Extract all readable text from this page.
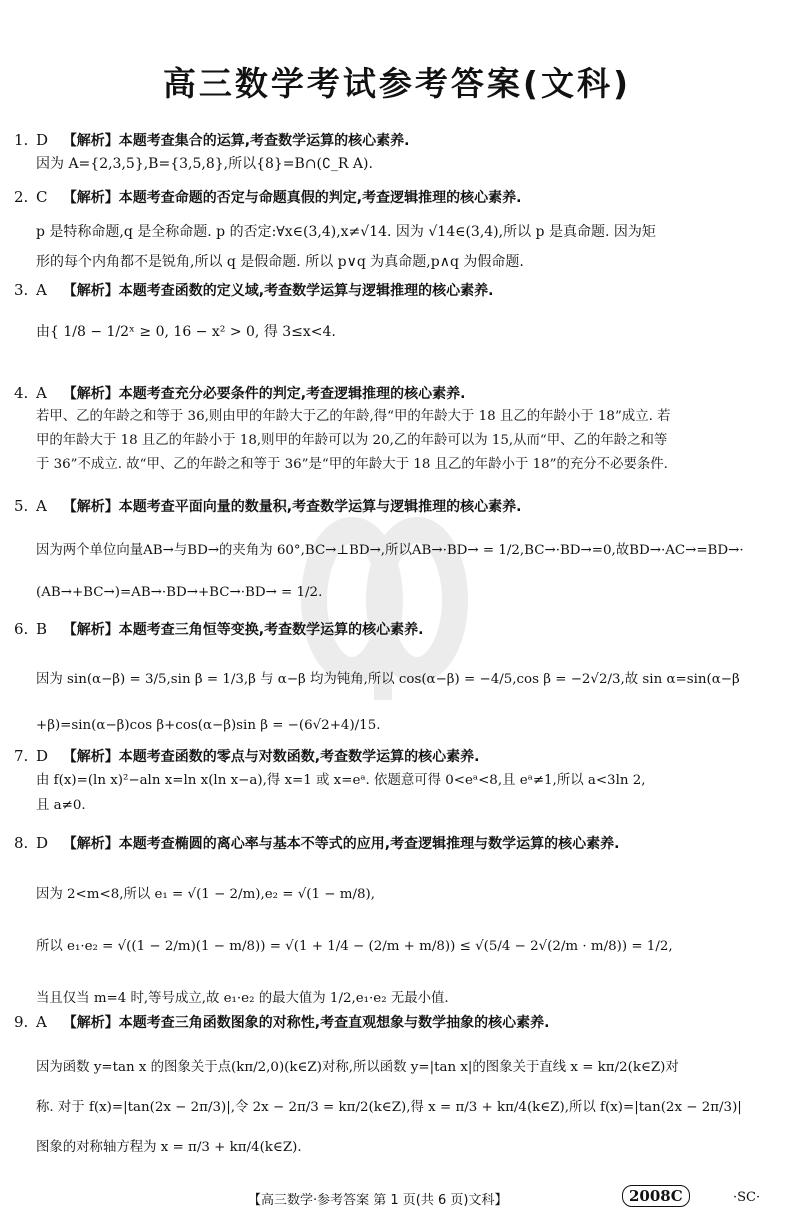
高三数学考试参考答案(文科)
1. D 【解析】本题考查集合的运算,考查数学运算的核心素养.

因为 A={2,3,5},B={3,5,8},所以{8}=B∩(∁_R A).

2. C 【解析】本题考查命题的否定与命题真假的判定,考查逻辑推理的核心素养.

p 是特称命题,q 是全称命题. p 的否定:∀x∈(3,4),x≠√14. 因为 √14∈(3,4),所以 p 是真命题. 因为矩

形的每个内角都不是锐角,所以 q 是假命题. 所以 p∨q 为真命题,p∧q 为假命题.

3. A 【解析】本题考查函数的定义域,考查数学运算与逻辑推理的核心素养.

由{ 1/8 − 1/2ˣ ≥ 0, 16 − x² > 0, 得 3≤x<4.

4. A 【解析】本题考查充分必要条件的判定,考查逻辑推理的核心素养.

若甲、乙的年龄之和等于 36,则由甲的年龄大于乙的年龄,得“甲的年龄大于 18 且乙的年龄小于 18”成立. 若

甲的年龄大于 18 且乙的年龄小于 18,则甲的年龄可以为 20,乙的年龄可以为 15,从而“甲、乙的年龄之和等

于 36”不成立. 故“甲、乙的年龄之和等于 36”是“甲的年龄大于 18 且乙的年龄小于 18”的充分不必要条件.

5. A 【解析】本题考查平面向量的数量积,考查数学运算与逻辑推理的核心素养.

因为两个单位向量AB→与BD→的夹角为 60°,BC→⊥BD→,所以AB→·BD→ = 1/2,BC→·BD→=0,故BD→·AC→=BD→·

(AB→+BC→)=AB→·BD→+BC→·BD→ = 1/2.

6. B 【解析】本题考查三角恒等变换,考查数学运算的核心素养.

因为 sin(α−β) = 3/5,sin β = 1/3,β 与 α−β 均为钝角,所以 cos(α−β) = −4/5,cos β = −2√2/3,故 sin α=sin(α−β

+β)=sin(α−β)cos β+cos(α−β)sin β = −(6√2+4)/15.

7. D 【解析】本题考查函数的零点与对数函数,考查数学运算的核心素养.

由 f(x)=(ln x)²−aln x=ln x(ln x−a),得 x=1 或 x=eᵃ. 依题意可得 0<eᵃ<8,且 eᵃ≠1,所以 a<3ln 2,

且 a≠0.

8. D 【解析】本题考查椭圆的离心率与基本不等式的应用,考查逻辑推理与数学运算的核心素养.

因为 2<m<8,所以 e₁ = √(1 − 2/m),e₂ = √(1 − m/8),

所以 e₁·e₂ = √((1 − 2/m)(1 − m/8)) = √(1 + 1/4 − (2/m + m/8)) ≤ √(5/4 − 2√(2/m · m/8)) = 1/2,

当且仅当 m=4 时,等号成立,故 e₁·e₂ 的最大值为 1/2,e₁·e₂ 无最小值.

9. A 【解析】本题考查三角函数图象的对称性,考查直观想象与数学抽象的核心素养.

因为函数 y=tan x 的图象关于点(kπ/2,0)(k∈Z)对称,所以函数 y=|tan x|的图象关于直线 x = kπ/2(k∈Z)对

称. 对于 f(x)=|tan(2x − 2π/3)|,令 2x − 2π/3 = kπ/2(k∈Z),得 x = π/3 + kπ/4(k∈Z),所以 f(x)=|tan(2x − 2π/3)|

图象的对称轴方程为 x = π/3 + kπ/4(k∈Z).

【高三数学·参考答案 第 1 页(共 6 页)文科】	2008C	·SC·
